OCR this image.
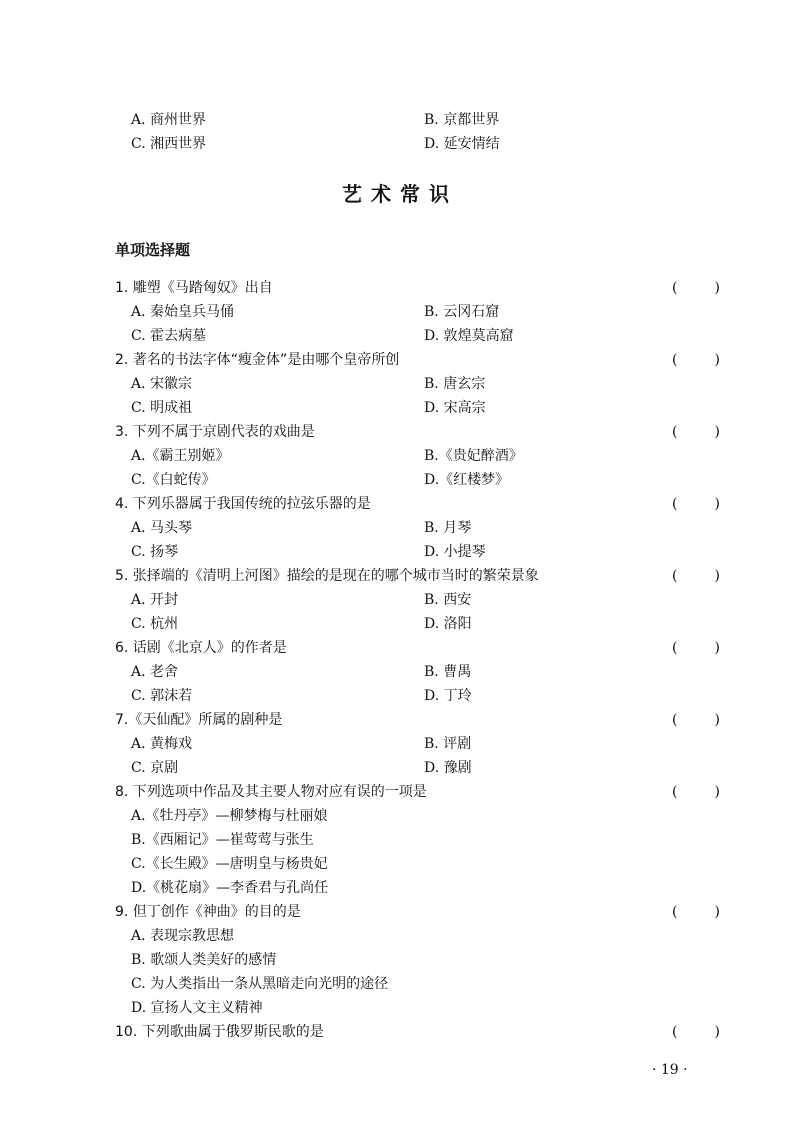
A. 商州世界	B. 京都世界
C. 湘西世界	D. 延安情结
艺术常识
单项选择题
1. 雕塑《马踏匈奴》出自	(	)
A. 秦始皇兵马俑	B. 云冈石窟
C. 霍去病墓	D. 敦煌莫高窟
2. 著名的书法字体“瘦金体”是由哪个皇帝所创	(	)
A. 宋徽宗	B. 唐玄宗
C. 明成祖	D. 宋高宗
3. 下列不属于京剧代表的戏曲是	(	)
A.《霸王别姬》	B.《贵妃醉酒》
C.《白蛇传》	D.《红楼梦》
4. 下列乐器属于我国传统的拉弦乐器的是	(	)
A. 马头琴	B. 月琴
C. 扬琴	D. 小提琴
5. 张择端的《清明上河图》描绘的是现在的哪个城市当时的繁荣景象	(	)
A. 开封	B. 西安
C. 杭州	D. 洛阳
6. 话剧《北京人》的作者是	(	)
A. 老舍	B. 曹禺
C. 郭沫若	D. 丁玲
7.《天仙配》所属的剧种是	(	)
A. 黄梅戏	B. 评剧
C. 京剧	D. 豫剧
8. 下列选项中作品及其主要人物对应有误的一项是	(	)
A.《牡丹亭》—柳梦梅与杜丽娘
B.《西厢记》—崔莺莺与张生
C.《长生殿》—唐明皇与杨贵妃
D.《桃花扇》—李香君与孔尚任
9. 但丁创作《神曲》的目的是	(	)
A. 表现宗教思想
B. 歌颂人类美好的感情
C. 为人类指出一条从黑暗走向光明的途径
D. 宣扬人文主义精神
10. 下列歌曲属于俄罗斯民歌的是	(	)
· 19 ·
